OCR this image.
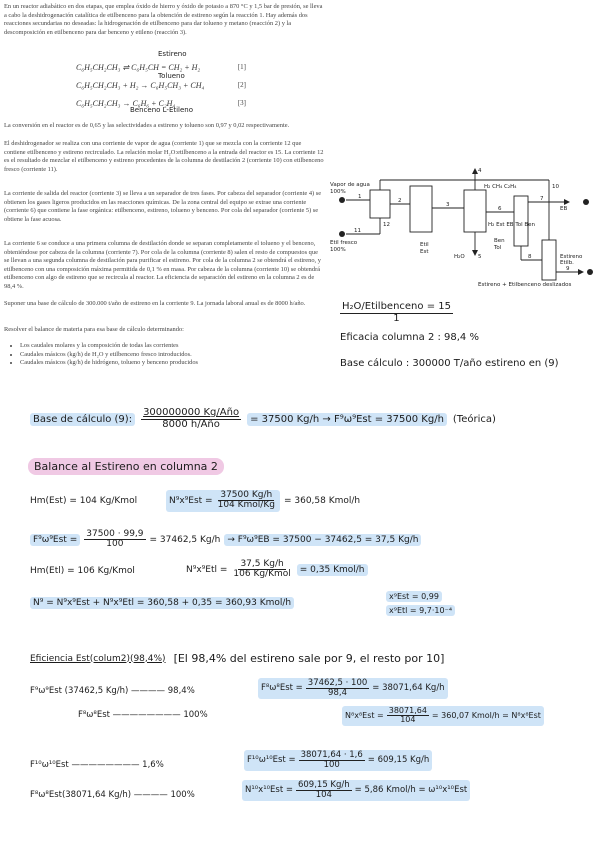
En un reactor adiabático en dos etapas, que emplea óxido de hierro y óxido de potasio a 870 °C y 1,5 bar de presión, se lleva a cabo la deshidrogenación catalítica de etilbenceno para la obtención de estireno según la reacción 1. Hay además dos reacciones secundarias no deseadas: la hidrogenación de etilbenceno para dar tolueno y metano (reacción 2) y la descomposición en etilbenceno para dar benceno y etileno (reacción 3).
C₆H₅CH₂CH₃ ⇌ C₆H₅CH = CH₂ + H₂	[1]
C₆H₅CH₂CH₃ + H₂ → C₆H₅CH₃ + CH₄	[2]
C₆H₅CH₂CH₃ → C₆H₆ + C₂H₄	[3]
Estireno
Tolueno
Benceno L-Etileno
La conversión en el reactor es de 0,65 y las selectividades a estireno y tolueno son 0,97 y 0,02 respectivamente.
El deshidrogenador se realiza con una corriente de vapor de agua (corriente 1) que se mezcla con la corriente 12 que contiene etilbenceno y estireno recirculado. La relación molar H₂O:etilbenceno a la entrada del reactor es 15. La corriente 12 es el resultado de mezclar el etilbenceno y estireno procedentes de la columna de destilación 2 (corriente 10) con etilbenceno fresco (corriente 11).
La corriente de salida del reactor (corriente 3) se lleva a un separador de tres fases. Por cabeza del separador (corriente 4) se obtienen los gases ligeros producidos en las reacciones químicas. De la zona central del equipo se extrae una corriente (corriente 6) que contiene la fase orgánica: etilbenceno, estireno, tolueno y benceno. Por cola del separador (corriente 5) se obtiene la fase acuosa.
La corriente 6 se conduce a una primera columna de destilación donde se separan completamente el tolueno y el benceno, obteniéndose por cabeza de la columna (corriente 7). Por cola de la columna (corriente 8) salen el resto de compuestos que se llevan a una segunda columna de destilación para purificar el estireno. Por cola de la columna 2 se obtendrá el estireno, y etilbenceno con una composición máxima permitida de 0,1 % en masa. Por cabeza de la columna (corriente 10) se obtendrá etilbenceno con algo de estireno que se recircula al reactor. La eficiencia de separación del estireno en la columna 2 es de 98,4 %.
Suponer una base de cálculo de 300.000 t/año de estireno en la corriente 9. La jornada laboral anual es de 8000 h/año.
Resolver el balance de materia para esa base de cálculo determinando:
• Los caudales molares y la composición de todas las corrientes
• Caudales másicos (kg/h) de H₂O y etilbenceno fresco introducidos.
• Caudales másicos (kg/h) de hidrógeno, tolueno y benceno producidos
Vapor de agua
100%
1
2
3
4
5
6
7
8
9
10
11
12
Etil
Est
H₂O
H₂ CH₄ C₂H₄
H₂ Est EB Tol Ben
Ben
Tol
EB
Etil fresco
100%
Estireno
Etilb.
Estireno + Etilbenceno deslizados
$\frac{\text{H₂O/Etilbenceno = 15}}{1}$
Eficacia columna 2 : 98,4 %
Base cálculo : 300000 T/año estireno en (9)
Base de cálculo (9): $\frac{\text{300000000 Kg/Año}}{\text{8000 h/Año}} = 37500$ Kg/h → F⁹ω⁹Est = 37500 Kg/h (Teórica)
Balance al Estireno en columna 2
Hm(Est) = 104 Kg/Kmol	$N^9x^9Est = \frac{37500 Kg/h}{\text{104 Kmol/Kg}} = 360,58$ Kmol/h
$F^9\omega^9Est = \frac{37500 \cdot 99,9}{100} = 37462,5$ Kg/h → F⁹ω⁹EB = 37500 − 37462,5 = 37,5 Kg/h
Hm(Etl) = 106 Kg/Kmol	$N^9x^9Etl = \frac{37,5 Kg/h}{\text{106 Kg/Kmol}} = 0,35$ Kmol/h
N⁹ = N⁹x⁹Est + N⁹x⁹Etl = 360,58 + 0,35 = 360,93 Kmol/h
x⁹Est = 0,99
x⁹Etl = 9,7·10⁻⁴
Eficiencia Est(colum2)(98,4%) [El 98,4% del estireno sale por 9, el resto por 10]
F⁹ω⁹Est (37462,5 Kg/h) ———— 98,4%	$F^8\omega^8Est = \frac{37462,5 \cdot 100}{98,4} = 38071,64$ Kg/h
F⁸ω⁸Est ———————— 100%	$N^8x^8Est = \frac{38071,64}{104} = 360,07$ Kmol/h = N⁸x⁸Est
F¹⁰ω¹⁰Est ———————— 1,6%	$F^{10}\omega^{10}Est = \frac{38071,64 \cdot 1,6}{100} = 609,15$ Kg/h
F⁸ω⁸Est(38071,64 Kg/h) ———— 100%	$N^{10}x^{10}Est = \frac{609,15 Kg/h}{104} = 5,86$ Kmol/h = ω¹⁰x¹⁰Est
